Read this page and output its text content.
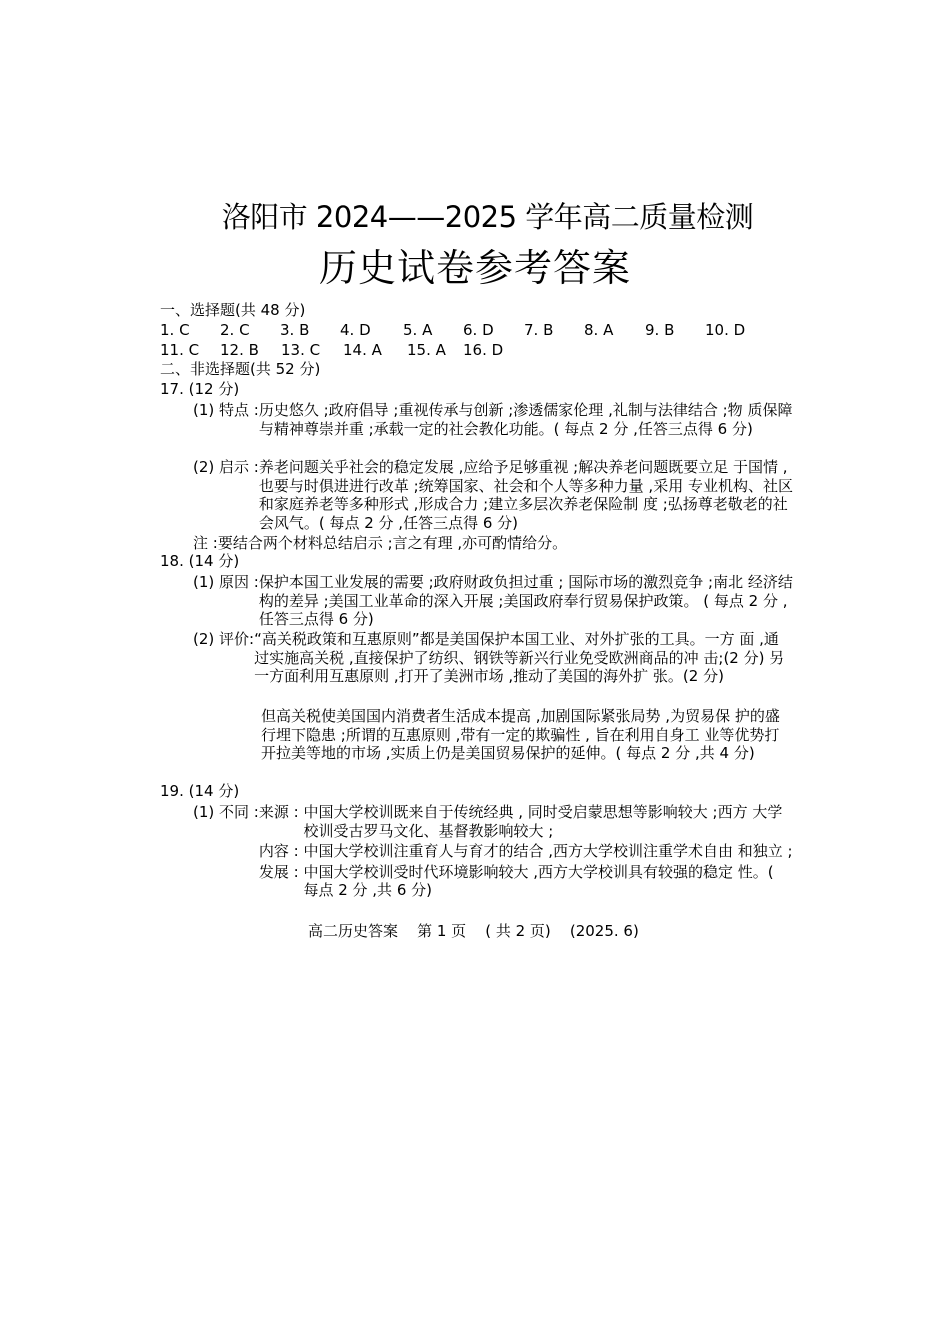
洛阳市 2024——2025 学年高二质量检测
历史试卷参考答案
一、选择题(共 48 分)
1. C 2. C 3. B 4. D 5. A 6. D 7. B 8. A 9. B 10. D
11. C 12. B 13. C 14. A 15. A 16. D
二、非选择题(共 52 分)
17. (12 分)
(1) 特点 : 历史悠久 ;政府倡导 ;重视传承与创新 ;渗透儒家伦理 ,礼制与法律结合 ;物 质保障与精神尊崇并重 ;承载一定的社会教化功能。( 每点 2 分 ,任答三点得 6 分)
(2) 启示 : 养老问题关乎社会的稳定发展 ,应给予足够重视 ;解决养老问题既要立足 于国情 ,也要与时俱进进行改革 ;统筹国家、社会和个人等多种力量 ,采用 专业机构、社区和家庭养老等多种形式 ,形成合力 ;建立多层次养老保险制 度 ;弘扬尊老敬老的社会风气。( 每点 2 分 ,任答三点得 6 分)
注 :要结合两个材料总结启示 ;言之有理 ,亦可酌情给分。
18. (14 分)
(1) 原因 : 保护本国工业发展的需要 ;政府财政负担过重 ; 国际市场的激烈竞争 ;南北 经济结构的差异 ;美国工业革命的深入开展 ;美国政府奉行贸易保护政策。 ( 每点 2 分 ,任答三点得 6 分)
(2) 评价: “高关税政策和互惠原则”都是美国保护本国工业、对外扩张的工具。一方 面 ,通过实施高关税 ,直接保护了纺织、钢铁等新兴行业免受欧洲商品的冲 击;(2 分) 另一方面利用互惠原则 ,打开了美洲市场 ,推动了美国的海外扩 张。(2 分)
但高关税使美国国内消费者生活成本提高 ,加剧国际紧张局势 ,为贸易保 护的盛行埋下隐患 ;所谓的互惠原则 ,带有一定的欺骗性 , 旨在利用自身工 业等优势打开拉美等地的市场 ,实质上仍是美国贸易保护的延伸。( 每点 2 分 ,共 4 分)
19. (14 分)
(1) 不同 : 来源 : 中国大学校训既来自于传统经典 , 同时受启蒙思想等影响较大 ;西方 大学校训受古罗马文化、基督教影响较大 ;
内容 : 中国大学校训注重育人与育才的结合 ,西方大学校训注重学术自由 和独立 ;
发展 : 中国大学校训受时代环境影响较大 ,西方大学校训具有较强的稳定 性。( 每点 2 分 ,共 6 分)
高二历史答案    第 1 页    ( 共 2 页)    (2025. 6)
